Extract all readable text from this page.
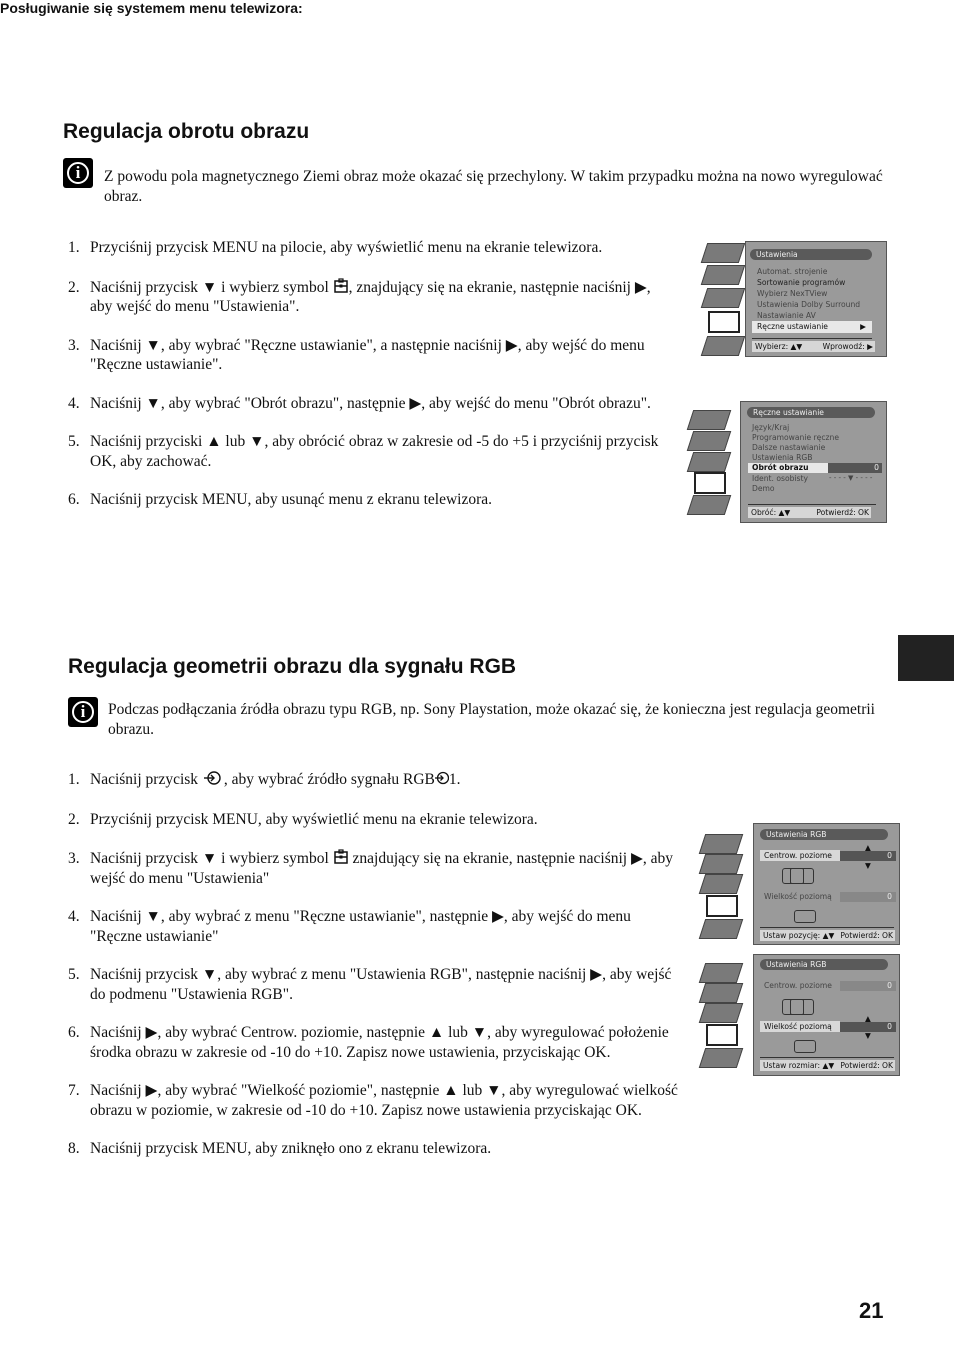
Posługiwanie się systemem menu telewizora:
Regulacja obrotu obrazu
i	Z powodu pola magnetycznego Ziemi obraz może okazać się przechylony. W takim przypadku można na nowo wyregulować obraz.
1. Przyciśnij przycisk MENU na pilocie, aby wyświetlić menu na ekranie telewizora.
2. Naciśnij przycisk ▼ i wybierz symbol , znajdujący się na ekranie, następnie naciśnij ▶, aby wejść do menu "Ustawienia".
3. Naciśnij ▼, aby wybrać "Ręczne ustawianie", a następnie naciśnij ▶, aby wejść do menu "Ręczne ustawianie".
4. Naciśnij ▼, aby wybrać "Obrót obrazu", następnie ▶, aby wejść do menu "Obrót obrazu".
5. Naciśnij przyciski ▲ lub ▼, aby obrócić obraz w zakresie od -5 do +5 i przyciśnij przycisk OK, aby zachować.
6. Naciśnij przycisk MENU, aby usunąć menu z ekranu telewizora.
Ustawienia
Automat. strojenie
Sortowanie programów
Wybierz NexTView
Ustawienia Dolby Surround
Nastawianie AV
Ręczne ustawianie	▶
Wybierz: ▲▼	Wprowodź: ▶
Ręczne ustawianie
Język/Kraj
Programowanie ręczne
Dalsze nastawianie
Ustawienia RGB
Obrót obrazu	0
Ident. osobisty	- - - - ▼ - - - -
Demo
Obróć: ▲▼	Potwierdź: OK
Regulacja geometrii obrazu dla sygnału RGB
i	Podczas podłączania źródła obrazu typu RGB, np. Sony Playstation, może okazać się, że konieczna jest regulacja geometrii obrazu.
1. Naciśnij przycisk , aby wybrać źródło sygnału RGB 1.
2. Przyciśnij przycisk MENU, aby wyświetlić menu na ekranie telewizora.
3. Naciśnij przycisk ▼ i wybierz symbol  znajdujący się na ekranie, następnie naciśnij ▶, aby wejść do menu "Ustawienia"
4. Naciśnij ▼, aby wybrać z menu "Ręczne ustawianie", następnie ▶, aby wejść do menu "Ręczne ustawianie"
5. Naciśnij przycisk ▼, aby wybrać z menu "Ustawienia RGB", następnie naciśnij ▶, aby wejść do podmenu "Ustawienia RGB".
6. Naciśnij ▶, aby wybrać Centrow. poziomie, następnie ▲ lub ▼, aby wyregulować położenie środka obrazu w zakresie od -10 do +10. Zapisz nowe ustawienia, przyciskając OK.
7. Naciśnij ▶, aby wybrać "Wielkość poziomie", następnie ▲ lub ▼, aby wyregulować wielkość obrazu w poziomie, w zakresie od -10 do +10. Zapisz nowe ustawienia przyciskając OK.
8. Naciśnij przycisk MENU, aby zniknęło ono z ekranu telewizora.
Ustawienia RGB
Centrow. poziome	0
▲
▼
Wielkość poziomą	0
Ustaw pozycję: ▲▼ Potwierdź: OK
Ustawienia RGB
Centrow. poziome	0
Wielkość poziomą	0
▲
▼
Ustaw rozmiar: ▲▼ Potwierdź: OK
21
